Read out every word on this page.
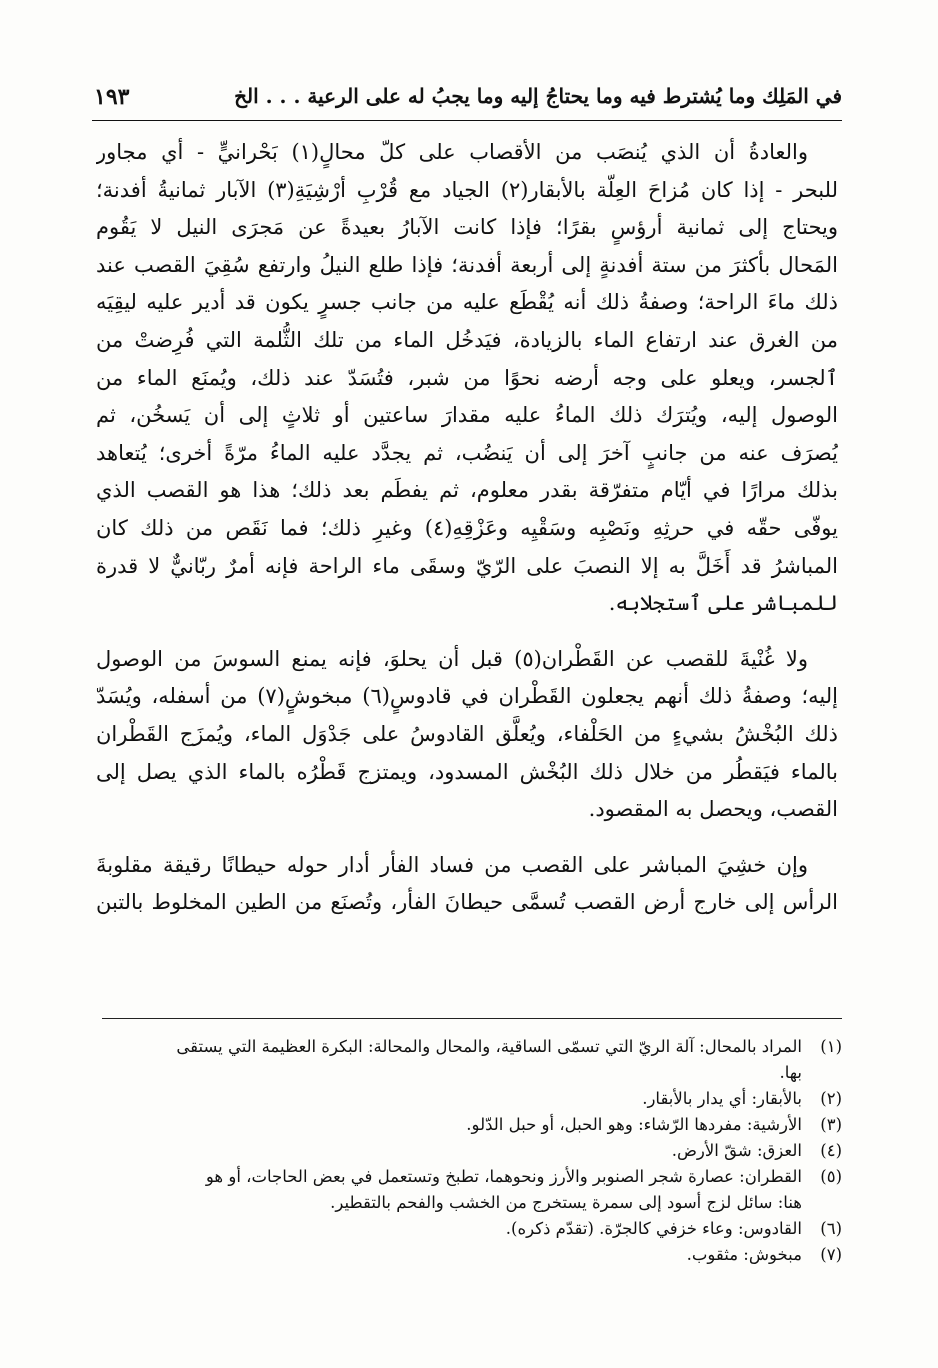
في المَلِك وما يُشترط فيه وما يحتاجُ إليه وما يجبُ له على الرعية . . . الخ
١٩٣
والعادةُ أن الذي يُنصَب من الأقصاب على كلّ محالٍ(١) بَحْرانيٍّ - أي مجاور
للبحر - إذا كان مُزاحَ العِلّة بالأبقار(٢) الجياد مع قُرْبِ أرْشِيَةِ(٣) الآبار ثمانيةُ أفدنة؛
ويحتاج إلى ثمانية أرؤسٍ بقرًا؛ فإذا كانت الآبارُ بعيدةً عن مَجرَى النيل لا يَقُوم
المَحال بأكثرَ من ستة أفدنةٍ إلى أربعة أفدنة؛ فإذا طلع النيلُ وارتفع سُقِيَ القصب عند
ذلك ماءَ الراحة؛ وصفةُ ذلك أنه يُقْطَع عليه من جانب جسرٍ يكون قد أدير عليه ليقِيَه
من الغرق عند ارتفاع الماء بالزيادة، فيَدخُل الماء من تلك الثُّلمة التي فُرِضتْ من
ٱلجسر، ويعلو على وجه أرضه نحوًا من شبر، فتُسَدّ عند ذلك، ويُمنَع الماء من
الوصول إليه، ويُترَك ذلك الماءُ عليه مقدارَ ساعتين أو ثلاثٍ إلى أن يَسخُن، ثم
يُصرَف عنه من جانبٍ آخرَ إلى أن يَنضُب، ثم يجدَّد عليه الماءُ مرّةً أخرى؛ يُتعاهد
بذلك مرارًا في أيّام متفرّقة بقدر معلوم، ثم يفطَم بعد ذلك؛ هذا هو القصب الذي
يوفّى حقّه في حرثِهِ ونَصْبِه وسَقْيِه وعَزْقِهِ(٤) وغيرِ ذلك؛ فما نَقَص من ذلك كان
المباشرُ قد أَخَلَّ به إلا النصبَ على الرّيّ وسقَى ماء الراحة فإنه أمرٌ ربّانيٌّ لا قدرة
للمباشر على ٱستجلابه.
ولا غُنْيةَ للقصب عن القَطْران(٥) قبل أن يحلوَ، فإنه يمنع السوسَ من الوصول
إليه؛ وصفةُ ذلك أنهم يجعلون القَطْران في قادوسٍ(٦) مبخوشٍ(٧) من أسفله، ويُسَدّ
ذلك البُخْشُ بشيءٍ من الحَلْفاء، ويُعلَّق القادوسُ على جَدْوَل الماء، ويُمزَج القَطْران
بالماء فيَقطُر من خلال ذلك البُخْش المسدود، ويمتزج قَطْرُه بالماء الذي يصل إلى
القصب، ويحصل به المقصود.
وإن خشِيَ المباشر على القصب من فساد الفأر أدار حوله حيطانًا رقيقة مقلوبةَ
الرأس إلى خارج أرض القصب تُسمَّى حيطانَ الفأر، وتُصنَع من الطين المخلوط بالتبن
(١)
المراد بالمحال: آلة الريّ التي تسمّى الساقية، والمحال والمحالة: البكرة العظيمة التي يستقى
بها.
(٢)
بالأبقار: أي يدار بالأبقار.
(٣)
الأرشية: مفردها الرّشاء: وهو الحبل، أو حبل الدّلو.
(٤)
العزق: شقّ الأرض.
(٥)
القطران: عصارة شجر الصنوبر والأرز ونحوهما، تطبخ وتستعمل في بعض الحاجات، أو هو
هنا: سائل لزج أسود إلى سمرة يستخرج من الخشب والفحم بالتقطير.
(٦)
القادوس: وعاء خزفي كالجرّة. (تقدّم ذكره).
(٧)
مبخوش: مثقوب.
